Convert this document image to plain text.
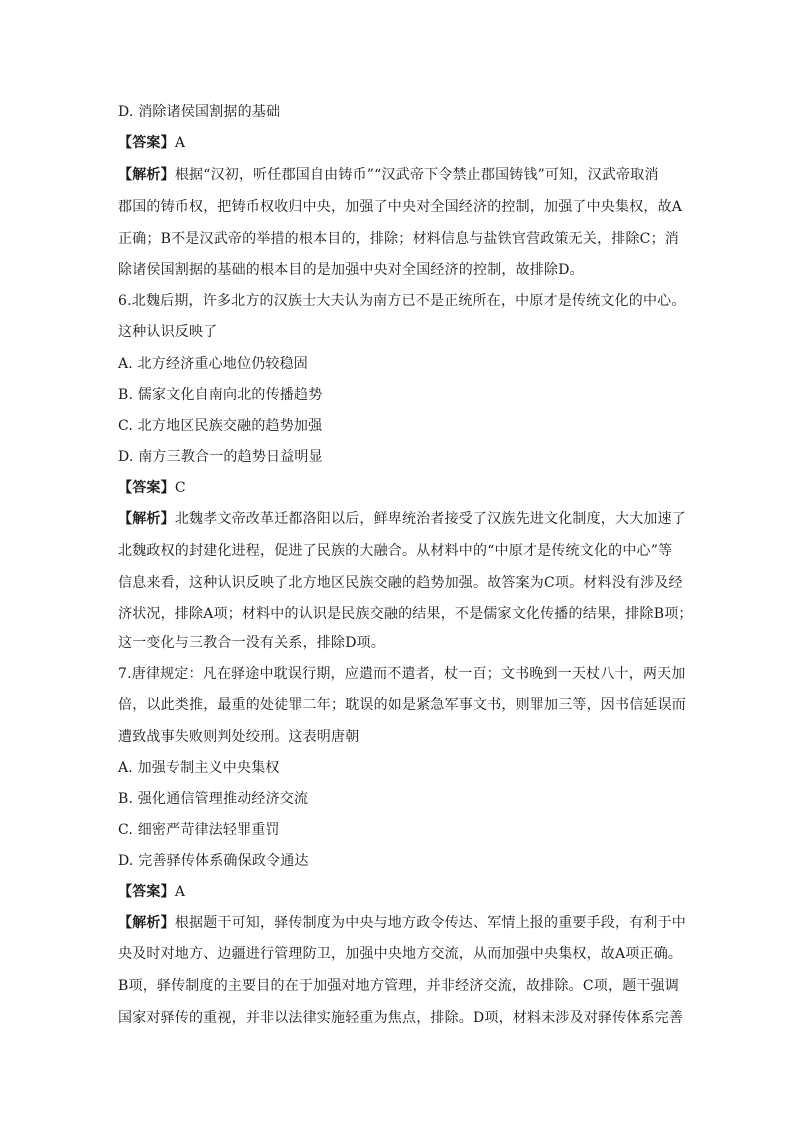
D. 消除诸侯国割据的基础
【答案】A
【解析】根据“汉初，听任郡国自由铸币”“汉武帝下令禁止郡国铸钱”可知，汉武帝取消
郡国的铸币权，把铸币权收归中央，加强了中央对全国经济的控制，加强了中央集权，故A
正确；B不是汉武帝的举措的根本目的，排除；材料信息与盐铁官营政策无关，排除C；消
除诸侯国割据的基础的根本目的是加强中央对全国经济的控制，故排除D。
6.北魏后期，许多北方的汉族士大夫认为南方已不是正统所在，中原才是传统文化的中心。
这种认识反映了
A. 北方经济重心地位仍较稳固
B. 儒家文化自南向北的传播趋势
C. 北方地区民族交融的趋势加强
D. 南方三教合一的趋势日益明显
【答案】C
【解析】北魏孝文帝改革迁都洛阳以后，鲜卑统治者接受了汉族先进文化制度，大大加速了
北魏政权的封建化进程，促进了民族的大融合。从材料中的“中原才是传统文化的中心”等
信息来看，这种认识反映了北方地区民族交融的趋势加强。故答案为C项。材料没有涉及经
济状况，排除A项；材料中的认识是民族交融的结果，不是儒家文化传播的结果，排除B项；
这一变化与三教合一没有关系，排除D项。
7.唐律规定：凡在驿途中耽误行期，应遣而不遣者，杖一百；文书晚到一天杖八十，两天加
倍，以此类推，最重的处徒罪二年；耽误的如是紧急军事文书，则罪加三等，因书信延误而
遭致战事失败则判处绞刑。这表明唐朝
A. 加强专制主义中央集权
B. 强化通信管理推动经济交流
C. 细密严苛律法轻罪重罚
D. 完善驿传体系确保政令通达
【答案】A
【解析】根据题干可知，驿传制度为中央与地方政令传达、军情上报的重要手段，有利于中
央及时对地方、边疆进行管理防卫，加强中央地方交流，从而加强中央集权，故A项正确。
B项，驿传制度的主要目的在于加强对地方管理，并非经济交流，故排除。C项，题干强调
国家对驿传的重视，并非以法律实施轻重为焦点，排除。D项，材料未涉及对驿传体系完善
